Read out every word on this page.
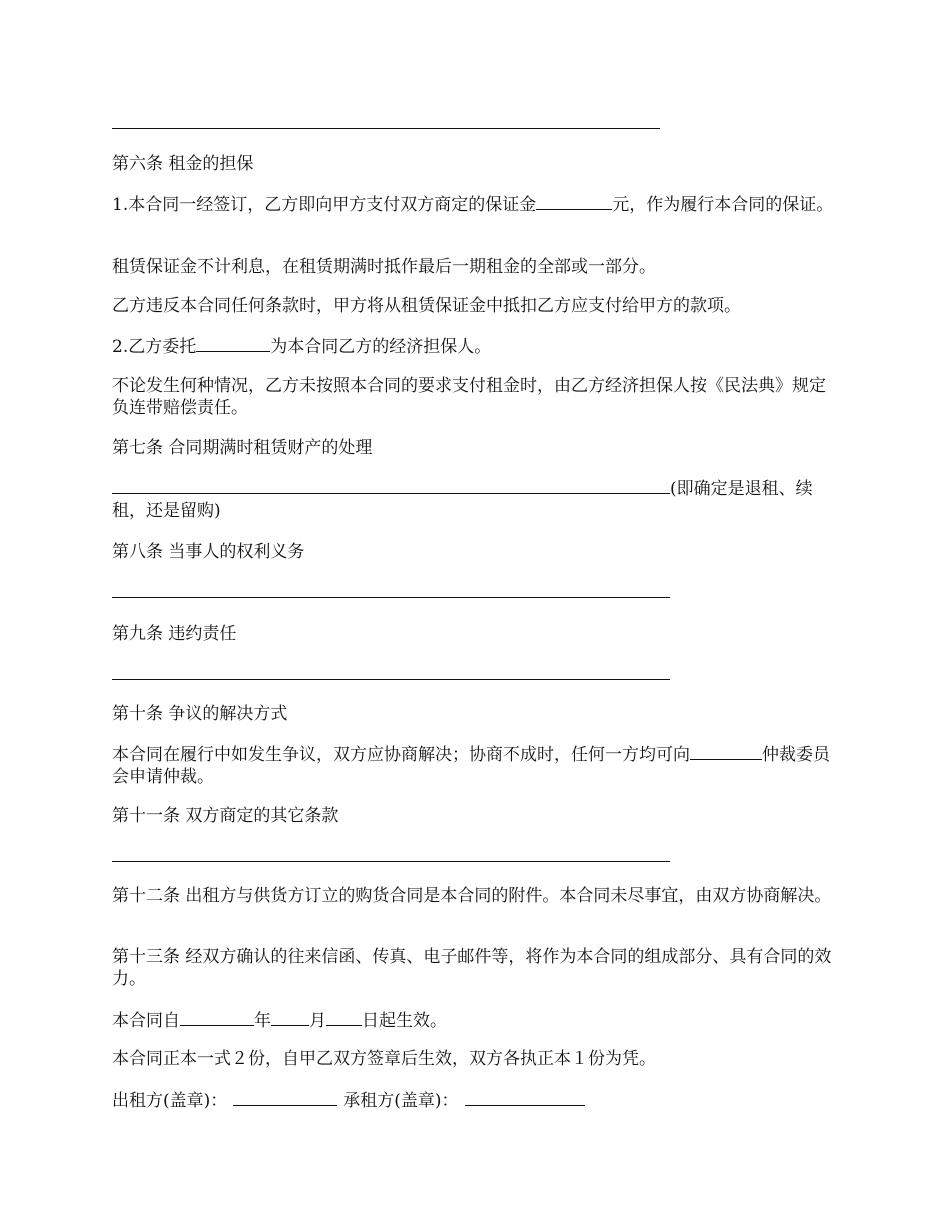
第六条 租金的担保
1.本合同一经签订，乙方即向甲方支付双方商定的保证金	元，作为履行本合同的保证。
租赁保证金不计利息，在租赁期满时抵作最后一期租金的全部或一部分。
乙方违反本合同任何条款时，甲方将从租赁保证金中抵扣乙方应支付给甲方的款项。
2.乙方委托	为本合同乙方的经济担保人。
不论发生何种情况，乙方未按照本合同的要求支付租金时，由乙方经济担保人按《民法典》规定负连带赔偿责任。
第七条 合同期满时租赁财产的处理
(即确定是退租、续租，还是留购)
第八条 当事人的权利义务
第九条 违约责任
第十条 争议的解决方式
本合同在履行中如发生争议，双方应协商解决；协商不成时，任何一方均可向	仲裁委员会申请仲裁。
第十一条 双方商定的其它条款
第十二条 出租方与供货方订立的购货合同是本合同的附件。本合同未尽事宜，由双方协商解决。
第十三条 经双方确认的往来信函、传真、电子邮件等，将作为本合同的组成部分、具有合同的效力。
本合同自	年 月 日起生效。
本合同正本一式２份，自甲乙双方签章后生效，双方各执正本１份为凭。
出租方(盖章)：	承租方(盖章)：
